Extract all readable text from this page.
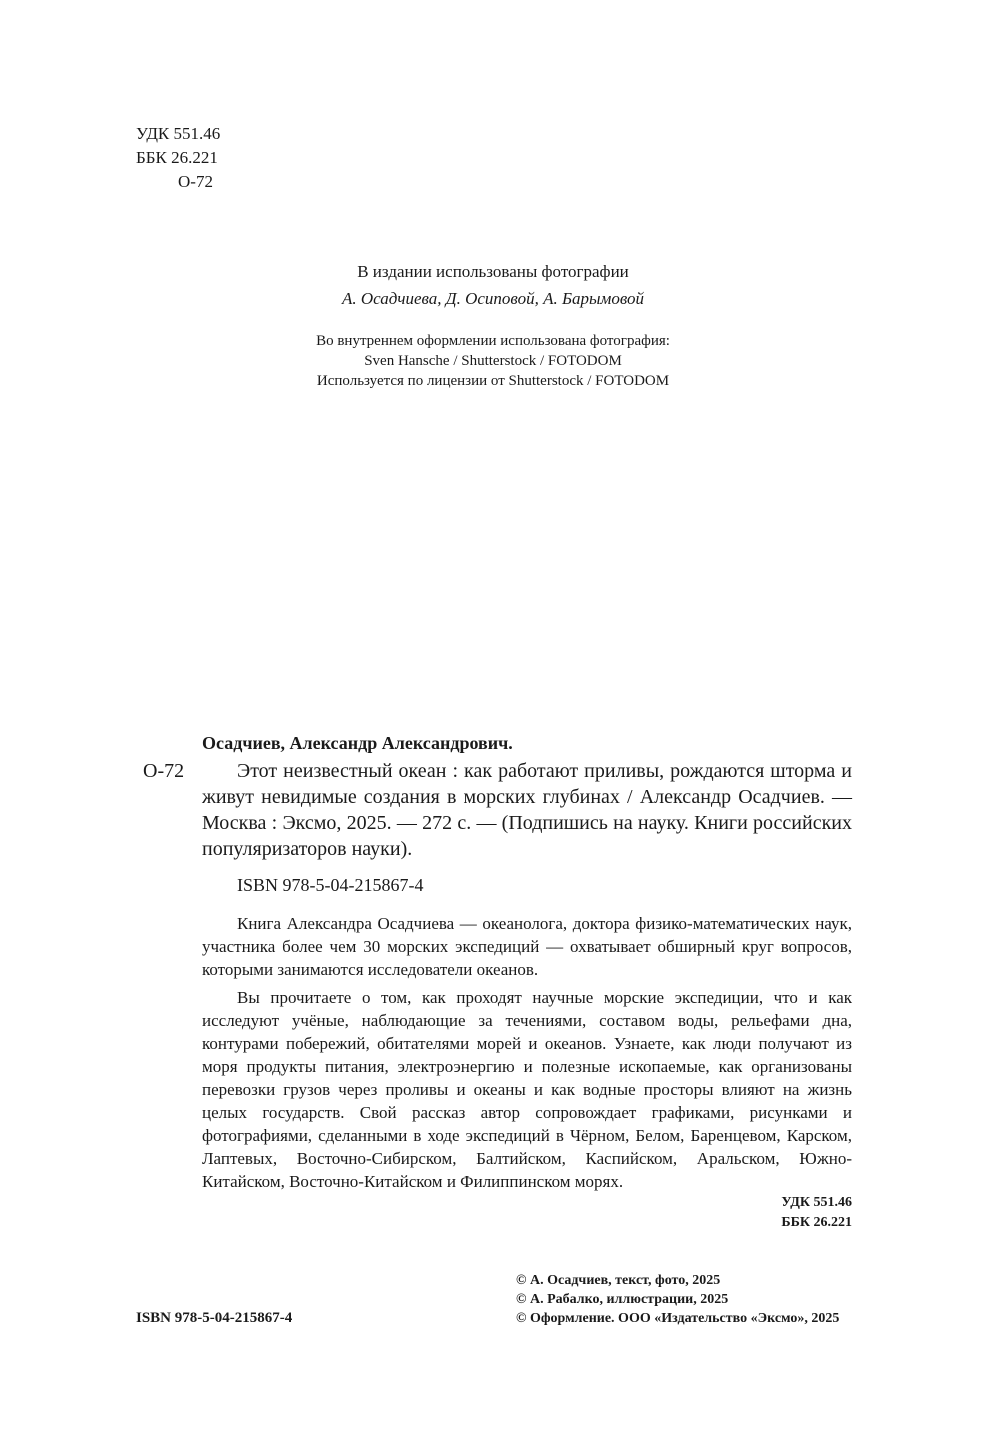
УДК 551.46
ББК 26.221
О-72
В издании использованы фотографии
А. Осадчиева, Д. Осиповой, А. Барымовой
Во внутреннем оформлении использована фотография:
Sven Hansche / Shutterstock / FOTODOM
Используется по лицензии от Shutterstock / FOTODOM
Осадчиев, Александр Александрович.
О-72	Этот неизвестный океан : как работают приливы, рождаются шторма и живут невидимые создания в морских глубинах / Александр Осадчиев. — Москва : Эксмо, 2025. — 272 с. — (Подпишись на науку. Книги российских популяризаторов науки).

ISBN 978-5-04-215867-4

Книга Александра Осадчиева — океанолога, доктора физико-математических наук, участника более чем 30 морских экспедиций — охватывает обширный круг вопросов, которыми занимаются исследователи океанов.

Вы прочитаете о том, как проходят научные морские экспедиции, что и как исследуют учёные, наблюдающие за течениями, составом воды, рельефами дна, контурами побережий, обитателями морей и океанов. Узнаете, как люди получают из моря продукты питания, электроэнергию и полезные ископаемые, как организованы перевозки грузов через проливы и океаны и как водные просторы влияют на жизнь целых государств. Свой рассказ автор сопровождает графиками, рисунками и фотографиями, сделанными в ходе экспедиций в Чёрном, Белом, Баренцевом, Карском, Лаптевых, Восточно-Сибирском, Балтийском, Каспийском, Аральском, Южно-Китайском, Восточно-Китайском и Филиппинском морях.

УДК 551.46
ББК 26.221
© А. Осадчиев, текст, фото, 2025
© А. Рабалко, иллюстрации, 2025
© Оформление. ООО «Издательство «Эксмо», 2025
ISBN 978-5-04-215867-4
